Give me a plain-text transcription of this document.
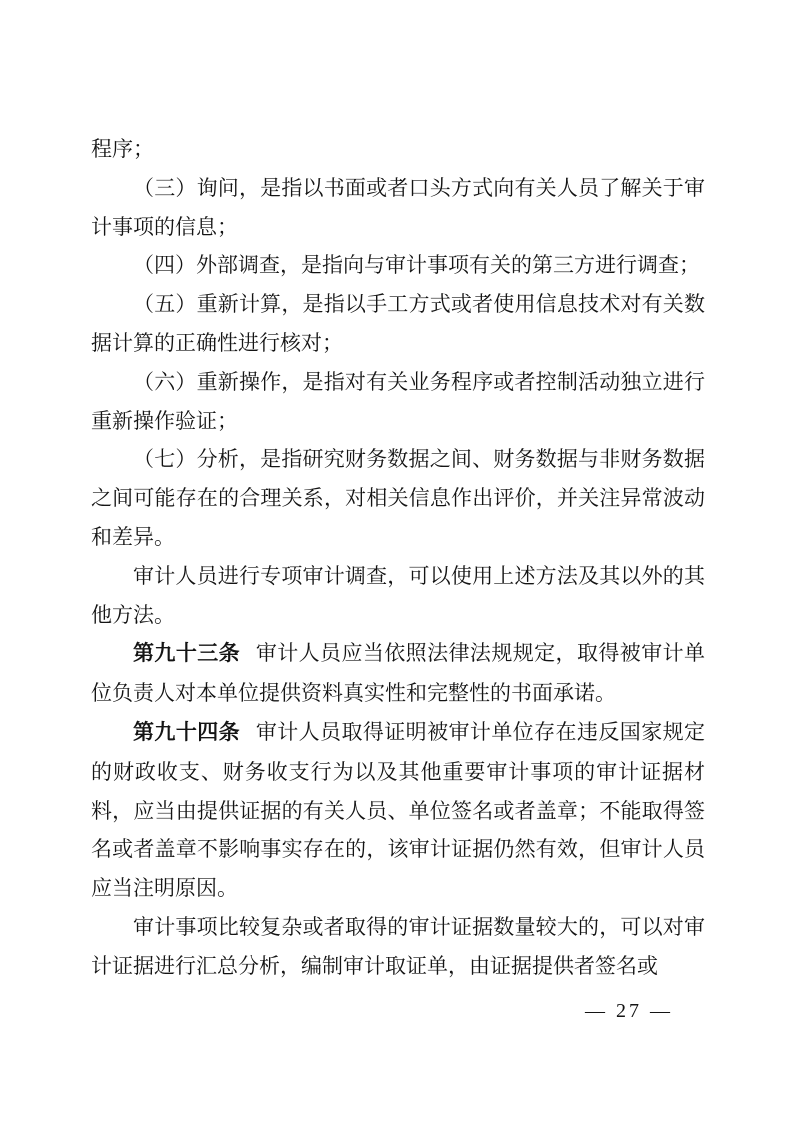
程序；

（三）询问，是指以书面或者口头方式向有关人员了解关于审计事项的信息；

（四）外部调查，是指向与审计事项有关的第三方进行调查；

（五）重新计算，是指以手工方式或者使用信息技术对有关数据计算的正确性进行核对；

（六）重新操作，是指对有关业务程序或者控制活动独立进行重新操作验证；

（七）分析，是指研究财务数据之间、财务数据与非财务数据之间可能存在的合理关系，对相关信息作出评价，并关注异常波动和差异。

审计人员进行专项审计调查，可以使用上述方法及其以外的其他方法。

第九十三条 审计人员应当依照法律法规规定，取得被审计单位负责人对本单位提供资料真实性和完整性的书面承诺。

第九十四条 审计人员取得证明被审计单位存在违反国家规定的财政收支、财务收支行为以及其他重要审计事项的审计证据材料，应当由提供证据的有关人员、单位签名或者盖章；不能取得签名或者盖章不影响事实存在的，该审计证据仍然有效，但审计人员应当注明原因。

审计事项比较复杂或者取得的审计证据数量较大的，可以对审计证据进行汇总分析，编制审计取证单，由证据提供者签名或

— 27 —
